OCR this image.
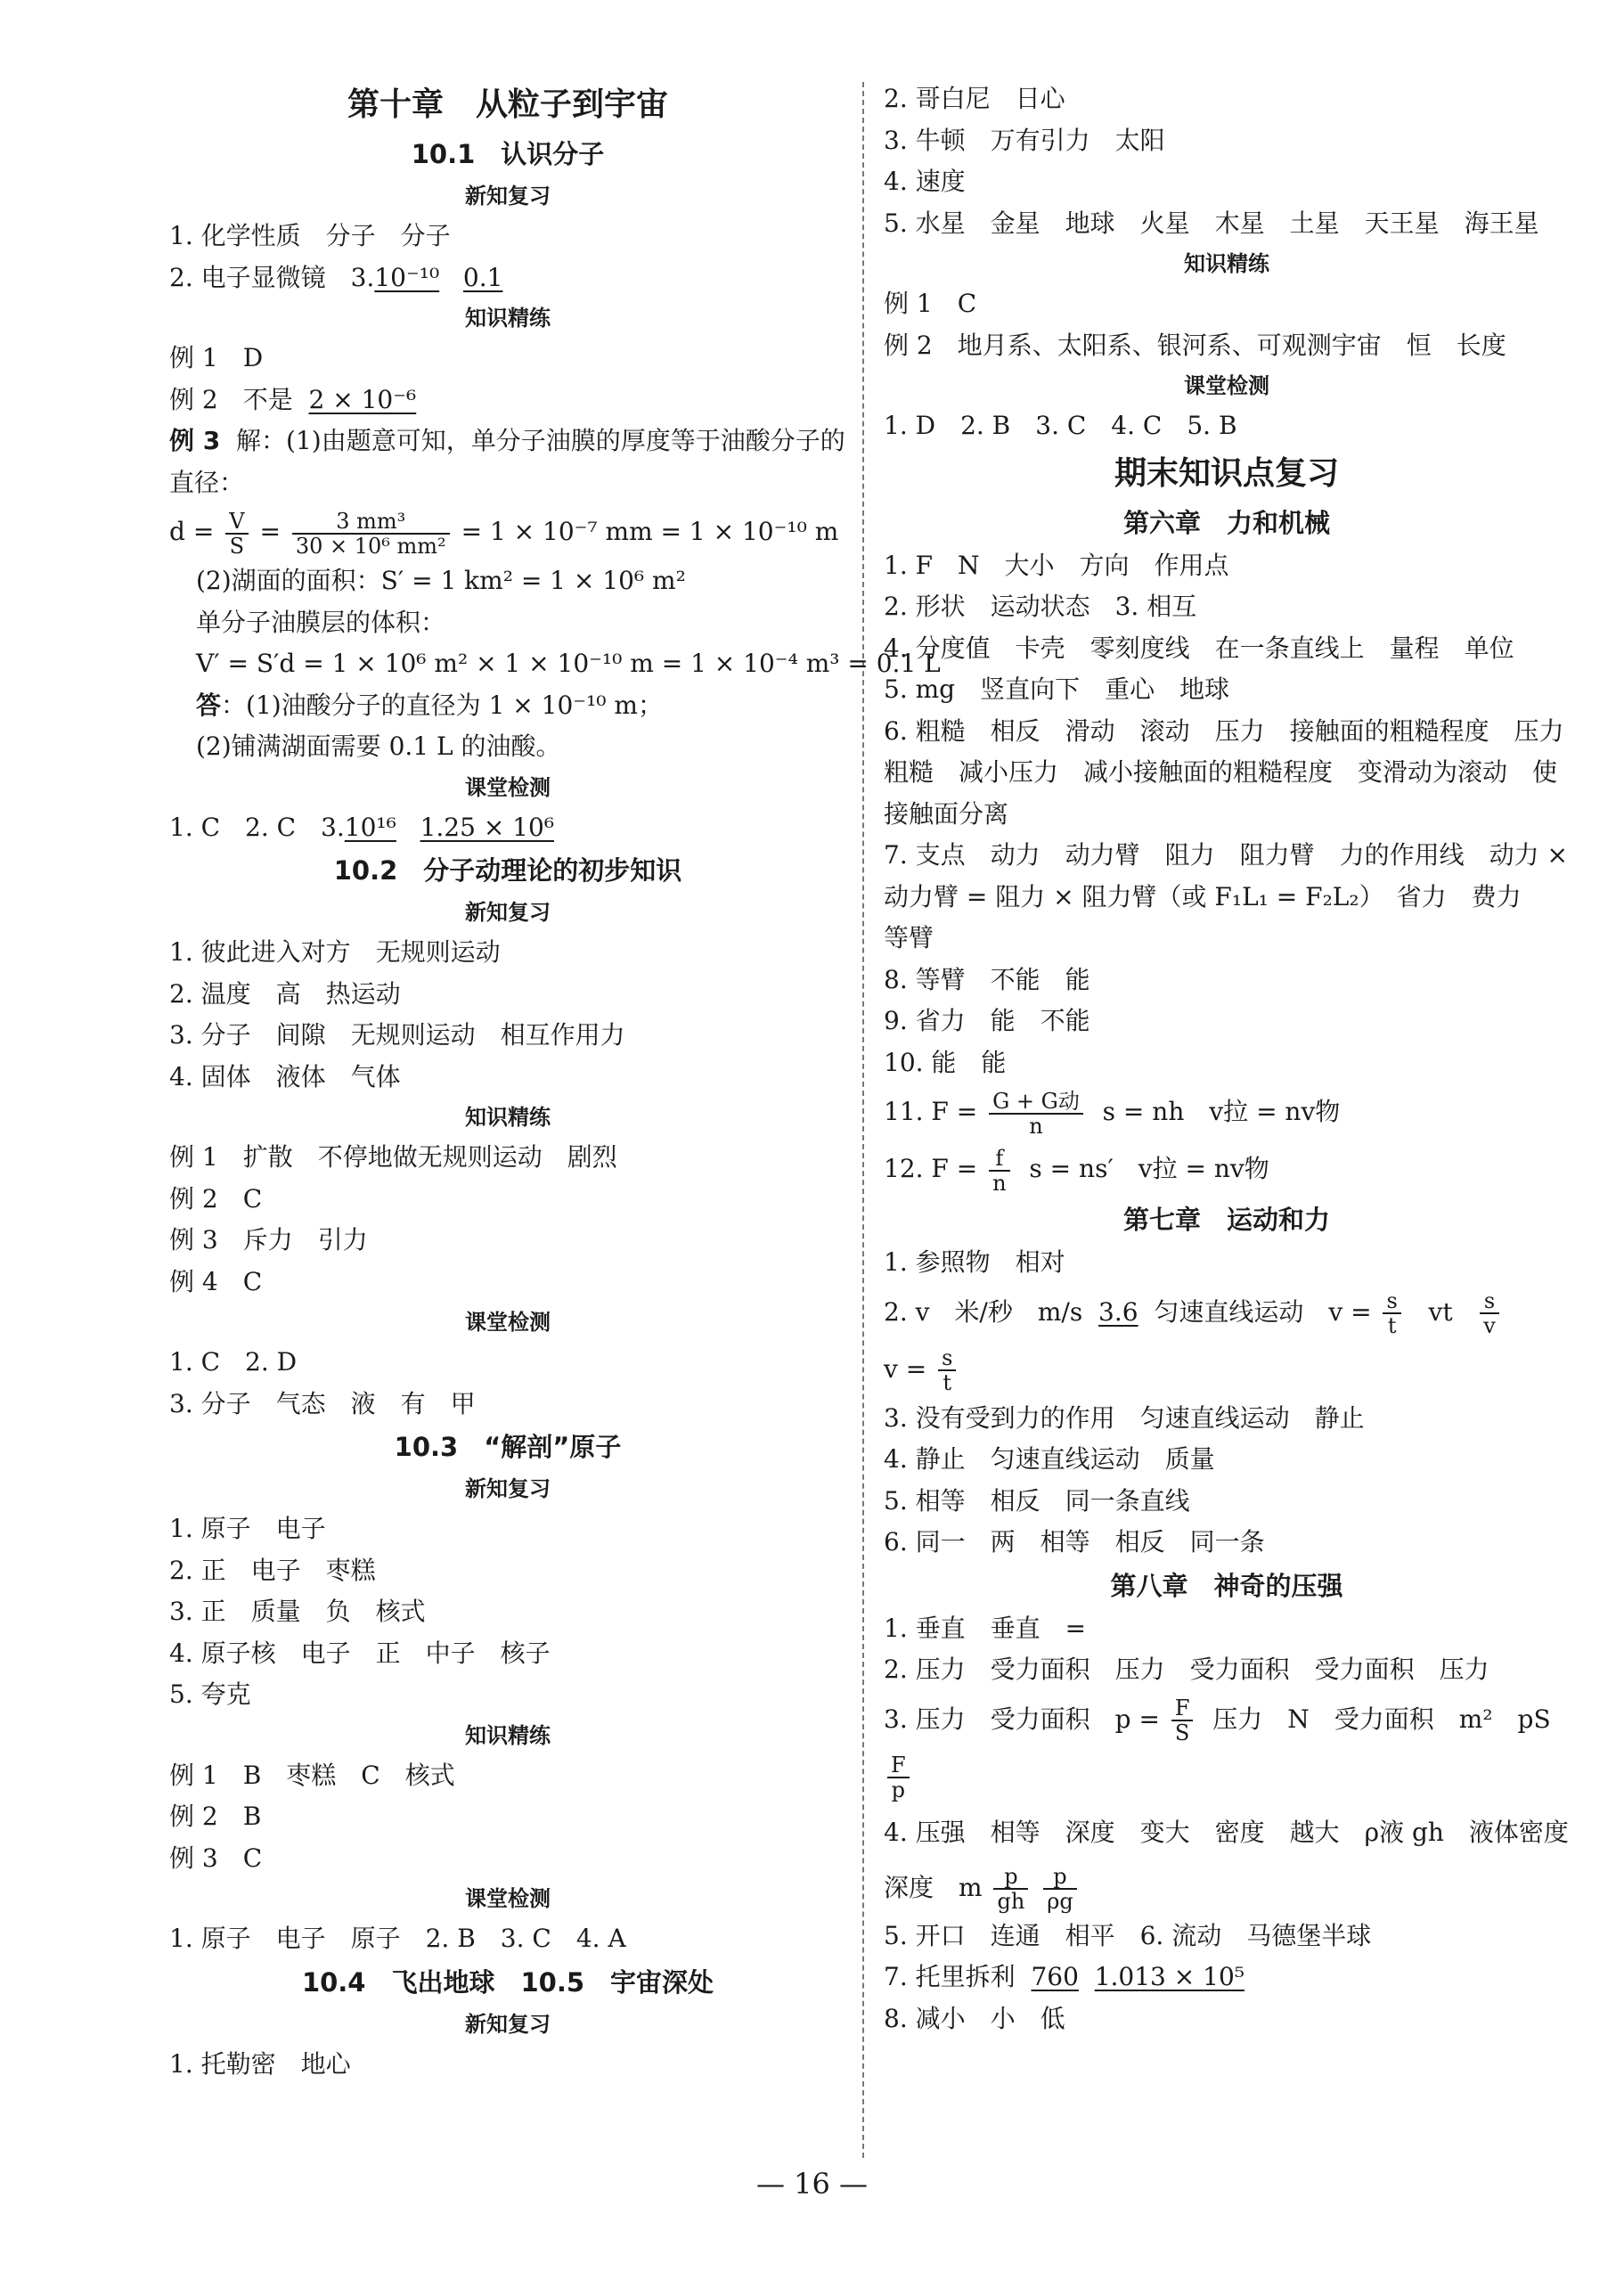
第十章　从粒子到宇宙
10.1　认识分子
新知复习
1. 化学性质　分子　分子
2. 电子显微镜　3.10⁻¹⁰ 0.1
知识精练
例 1　D
例 2　不是 2 × 10⁻⁶
例 3 解：(1)由题意可知，单分子油膜的厚度等于油酸分子的直径：
$d = \frac{V}{S} = \frac{\text{3 mm³}}{\text{30 × 10⁶ mm²}} = 1 \times 10^{-7}$ mm = 1 × 10⁻¹⁰ m
(2)湖面的面积：S′ = 1 km² = 1 × 10⁶ m²
单分子油膜层的体积：
V′ = S′d = 1 × 10⁶ m² × 1 × 10⁻¹⁰ m = 1 × 10⁻⁴ m³ = 0.1 L
答：(1)油酸分子的直径为 1 × 10⁻¹⁰ m；
(2)铺满湖面需要 0.1 L 的油酸。
课堂检测
1. C　2. C　3.10¹⁶ 1.25 × 10⁶
10.2　分子动理论的初步知识
新知复习
1. 彼此进入对方　无规则运动
2. 温度　高　热运动
3. 分子　间隙　无规则运动　相互作用力
4. 固体　液体　气体
知识精练
例 1　扩散　不停地做无规则运动　剧烈
例 2　C
例 3　斥力　引力
例 4　C
课堂检测
1. C　2. D
3. 分子　气态　液　有　甲
10.3　“解剖”原子
新知复习
1. 原子　电子
2. 正　电子　枣糕
3. 正　质量　负　核式
4. 原子核　电子　正　中子　核子
5. 夸克
知识精练
例 1　B　枣糕　C　核式
例 2　B
例 3　C
课堂检测
1. 原子　电子　原子　2. B　3. C　4. A
10.4　飞出地球　10.5　宇宙深处
新知复习
1. 托勒密　地心
2. 哥白尼　日心
3. 牛顿　万有引力　太阳
4. 速度
5. 水星　金星　地球　火星　木星　土星　天王星　海王星
知识精练
例 1　C
例 2　地月系、太阳系、银河系、可观测宇宙　恒　长度
课堂检测
1. D　2. B　3. C　4. C　5. B
期末知识点复习
第六章　力和机械
1. F　N　大小　方向　作用点
2. 形状　运动状态　3. 相互
4. 分度值　卡壳　零刻度线　在一条直线上　量程　单位
5. mg　竖直向下　重心　地球
6. 粗糙　相反　滑动　滚动　压力　接触面的粗糙程度　压力　粗糙　减小压力　减小接触面的粗糙程度　变滑动为滚动　使接触面分离
7. 支点　动力　动力臂　阻力　阻力臂　力的作用线　动力 × 动力臂 = 阻力 × 阻力臂（或 F₁L₁ = F₂L₂）　省力　费力　等臂
8. 等臂　不能　能
9. 省力　能　不能
10. 能　能
11. $F = \frac{\text{G + G动}}{n}$ s = nh　v拉 = nv物
12. $F = \frac{f}{n}$ s = ns′　v拉 = nv物
第七章　运动和力
1. 参照物　相对
2. v　米/秒　m/s 3.6 匀速直线运动　$v = \frac{s}{t}$ vt $\frac{s}{v}$
$v = \frac{s}{t}$
3. 没有受到力的作用　匀速直线运动　静止
4. 静止　匀速直线运动　质量
5. 相等　相反　同一条直线
6. 同一　两　相等　相反　同一条
第八章　神奇的压强
1. 垂直　垂直　=
2. 压力　受力面积　压力　受力面积　受力面积　压力
3. 压力　受力面积　$p = \frac{F}{S}$ 压力　N　受力面积　m²　pS
$\frac{F}{p}$
4. 压强　相等　深度　变大　密度　越大　ρ液 gh　液体密度　深度　m $\frac{p}{gh}$
$\frac{p}{\rho g}$
5. 开口　连通　相平　6. 流动　马德堡半球
7. 托里拆利 760 1.013 × 10⁵
8. 减小　小　低
— 16 —
